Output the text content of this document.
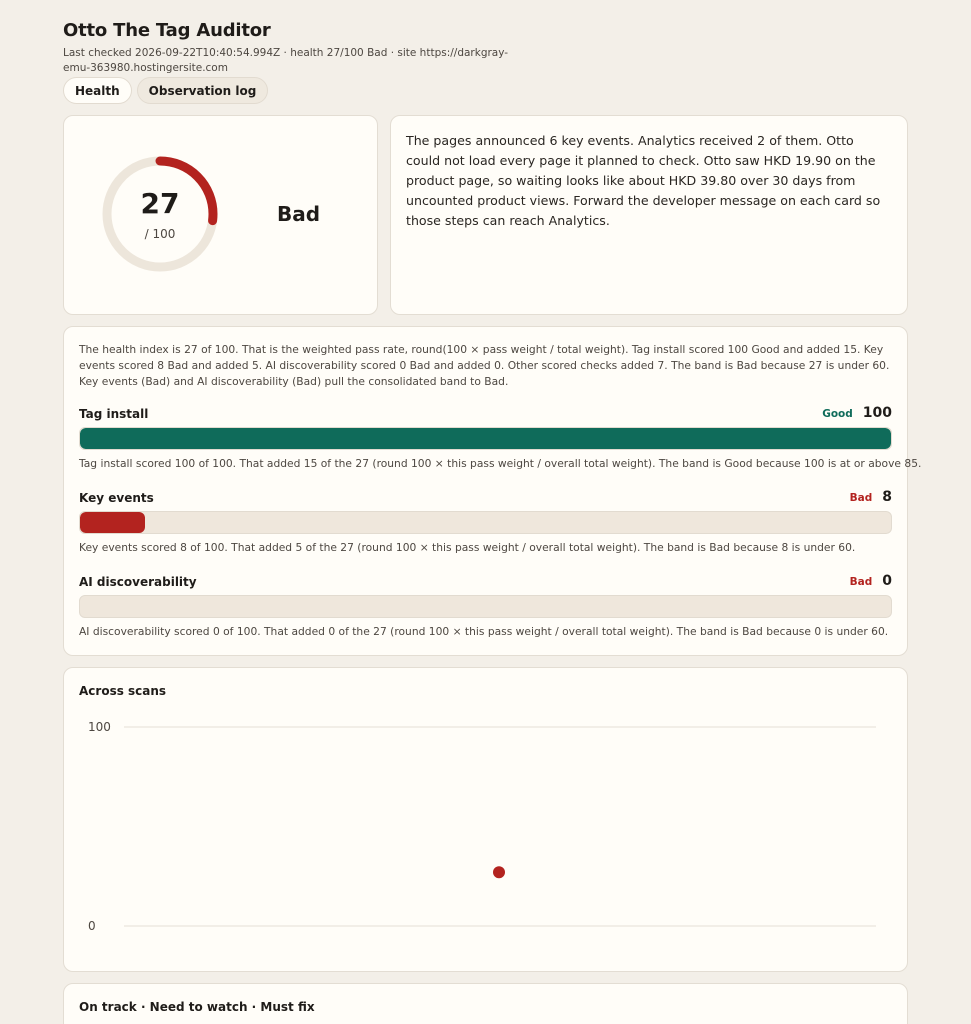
Otto The Tag Auditor
Last checked 2026-09-22T10:40:54.994Z · health 27/100 Bad · site https://darkgray-emu-363980.hostingersite.com
Health	Observation log
27
/ 100
Bad
The pages announced 6 key events. Analytics received 2 of them. Otto could not load every page it planned to check. Otto saw HKD 19.90 on the product page, so waiting looks like about HKD 39.80 over 30 days from uncounted product views. Forward the developer message on each card so those steps can reach Analytics.
The health index is 27 of 100. That is the weighted pass rate, round(100 × pass weight / total weight). Tag install scored 100 Good and added 15. Key events scored 8 Bad and added 5. AI discoverability scored 0 Bad and added 0. Other scored checks added 7. The band is Bad because 27 is under 60. Key events (Bad) and AI discoverability (Bad) pull the consolidated band to Bad.
Tag install	Good 100
Tag install scored 100 of 100. That added 15 of the 27 (round 100 × this pass weight / overall total weight). The band is Good because 100 is at or above 85.
Key events	Bad 8
Key events scored 8 of 100. That added 5 of the 27 (round 100 × this pass weight / overall total weight). The band is Bad because 8 is under 60.
AI discoverability	Bad 0
AI discoverability scored 0 of 100. That added 0 of the 27 (round 100 × this pass weight / overall total weight). The band is Bad because 0 is under 60.
Across scans
100
0
On track · Need to watch · Must fix
